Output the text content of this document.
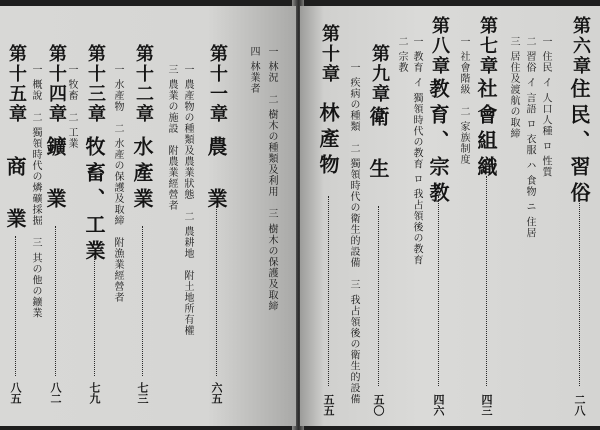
第六章
住民、習俗
二八
一 住民 イ 人口人種 ロ 性質
二 習俗 イ 言語 ロ 衣服 ハ 食物 ニ 住居
三 居住及渡航の取締
第七章
社會組織
四三
一 社會階級　二 家族制度
第八章
教育、宗教
四六
一 教育 イ 獨領時代の教育 ロ 我占領後の教育
二 宗教
第九章
衛　生
五〇
一 疾病の種類　二 獨領時代の衛生的設備　三 我占領後の衛生的設備
第十章
林產物
五五
一 林況　二 樹木の種類及利用　三 樹木の保護及取締
四 林業者
第十一章
農　業
六五
一 農產物の種類及農業狀態　二 農耕地　附土地所有權
三 農業の施設　附農業經營者
第十二章
水產業
七三
一 水產物　二 水產の保護及取締　附漁業經營者
第十三章
牧畜、工業
七九
一 牧畜　二 工業
第十四章
鑛　業
八二
一 概說　二 獨領時代の燐礦採掘　三 其の他の鑛業
第十五章
商　業
八五
